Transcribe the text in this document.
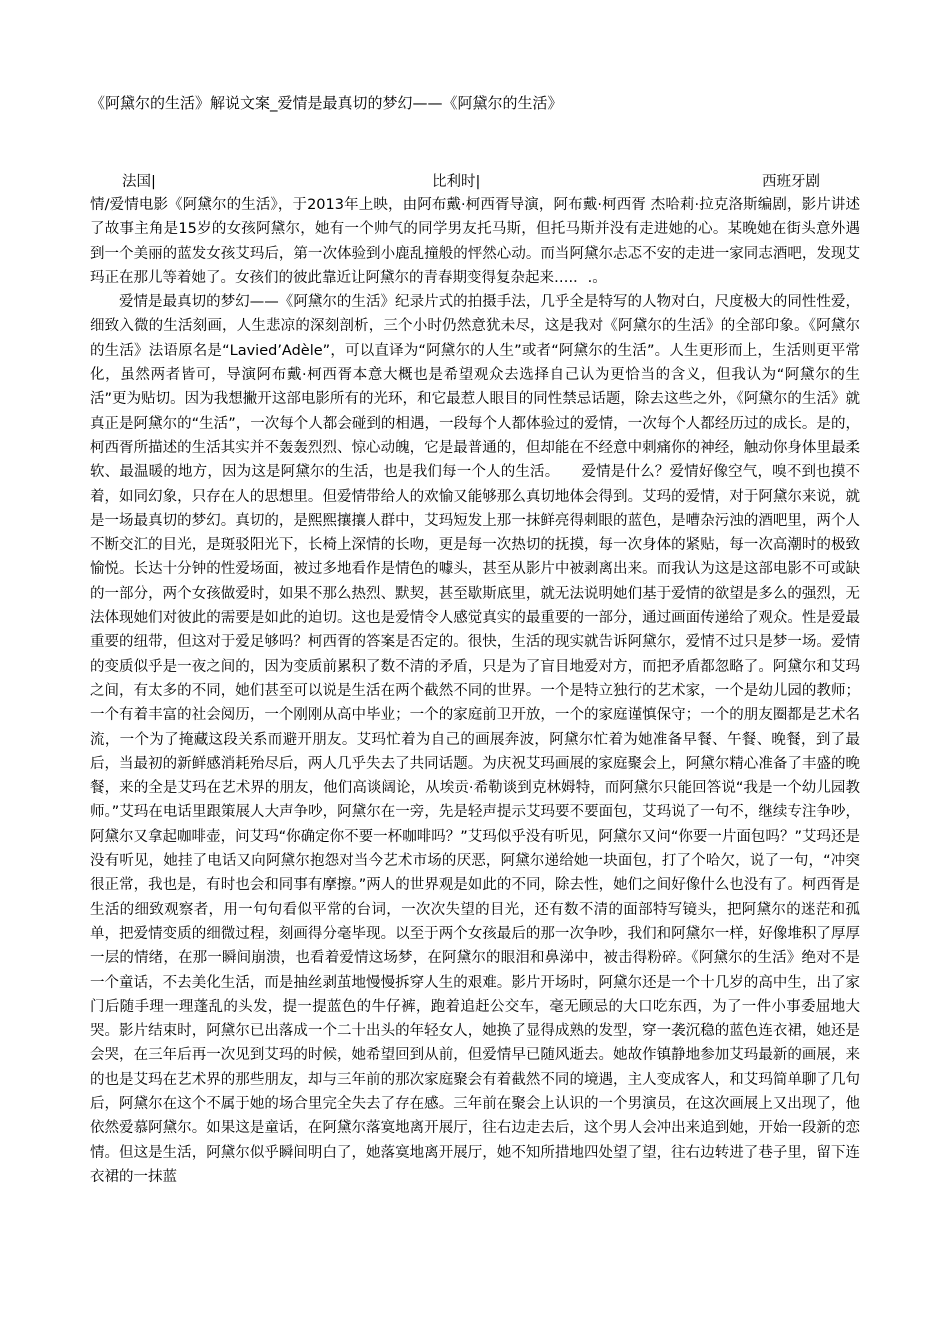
《阿黛尔的生活》解说文案_爱情是最真切的梦幻——《阿黛尔的生活》
法国|	比利时|	西班牙剧

情/爱情电影《阿黛尔的生活》，于2013年上映，由阿布戴·柯西胥导演，阿布戴·柯西胥 杰哈莉·拉克洛斯编剧，影片讲述了故事主角是15岁的女孩阿黛尔，她有一个帅气的同学男友托马斯，但托马斯并没有走进她的心。某晚她在街头意外遇到一个美丽的蓝发女孩艾玛后，第一次体验到小鹿乱撞般的怦然心动。而当阿黛尔忐忑不安的走进一家同志酒吧，发现艾玛正在那儿等着她了。女孩们的彼此靠近让阿黛尔的青春期变得复杂起来….．.。

爱情是最真切的梦幻——《阿黛尔的生活》纪录片式的拍摄手法，几乎全是特写的人物对白，尺度极大的同性性爱，细致入微的生活刻画，人生悲凉的深刻剖析，三个小时仍然意犹未尽，这是我对《阿黛尔的生活》的全部印象。《阿黛尔的生活》法语原名是“Lavied’Adèle”，可以直译为“阿黛尔的人生”或者“阿黛尔的生活”。人生更形而上，生活则更平常化，虽然两者皆可，导演阿布戴·柯西胥本意大概也是希望观众去选择自己认为更恰当的含义，但我认为“阿黛尔的生活”更为贴切。因为我想撇开这部电影所有的光环，和它最惹人眼目的同性禁忌话题，除去这些之外，《阿黛尔的生活》就真正是阿黛尔的“生活”，一次每个人都会碰到的相遇，一段每个人都体验过的爱情，一次每个人都经历过的成长。是的，柯西胥所描述的生活其实并不轰轰烈烈、惊心动魄，它是最普通的，但却能在不经意中刺痛你的神经，触动你身体里最柔软、最温暖的地方，因为这是阿黛尔的生活，也是我们每一个人的生活。　　爱情是什么？爱情好像空气，嗅不到也摸不着，如同幻象，只存在人的思想里。但爱情带给人的欢愉又能够那么真切地体会得到。艾玛的爱情，对于阿黛尔来说，就是一场最真切的梦幻。真切的，是熙熙攘攘人群中，艾玛短发上那一抹鲜亮得刺眼的蓝色，是嘈杂污浊的酒吧里，两个人不断交汇的目光，是斑驳阳光下，长椅上深情的长吻，更是每一次热切的抚摸，每一次身体的紧贴，每一次高潮时的极致愉悦。长达十分钟的性爱场面，被过多地看作是情色的噱头，甚至从影片中被剥离出来。而我认为这是这部电影不可或缺的一部分，两个女孩做爱时，如果不那么热烈、默契，甚至歇斯底里，就无法说明她们基于爱情的欲望是多么的强烈，无法体现她们对彼此的需要是如此的迫切。这也是爱情令人感觉真实的最重要的一部分，通过画面传递给了观众。性是爱最重要的纽带，但这对于爱足够吗？柯西胥的答案是否定的。很快，生活的现实就告诉阿黛尔，爱情不过只是梦一场。爱情的变质似乎是一夜之间的，因为变质前累积了数不清的矛盾，只是为了盲目地爱对方，而把矛盾都忽略了。阿黛尔和艾玛之间，有太多的不同，她们甚至可以说是生活在两个截然不同的世界。一个是特立独行的艺术家，一个是幼儿园的教师；一个有着丰富的社会阅历，一个刚刚从高中毕业；一个的家庭前卫开放，一个的家庭谨慎保守；一个的朋友圈都是艺术名流，一个为了掩藏这段关系而避开朋友。艾玛忙着为自己的画展奔波，阿黛尔忙着为她准备早餐、午餐、晚餐，到了最后，当最初的新鲜感消耗殆尽后，两人几乎失去了共同话题。为庆祝艾玛画展的家庭聚会上，阿黛尔精心准备了丰盛的晚餐，来的全是艾玛在艺术界的朋友，他们高谈阔论，从埃贡·希勒谈到克林姆特，而阿黛尔只能回答说“我是一个幼儿园教师。”艾玛在电话里跟策展人大声争吵，阿黛尔在一旁，先是轻声提示艾玛要不要面包，艾玛说了一句不，继续专注争吵，阿黛尔又拿起咖啡壶，问艾玛“你确定你不要一杯咖啡吗？”艾玛似乎没有听见，阿黛尔又问“你要一片面包吗？”艾玛还是没有听见，她挂了电话又向阿黛尔抱怨对当今艺术市场的厌恶，阿黛尔递给她一块面包，打了个哈欠，说了一句，“冲突很正常，我也是，有时也会和同事有摩擦。”两人的世界观是如此的不同，除去性，她们之间好像什么也没有了。柯西胥是生活的细致观察者，用一句句看似平常的台词，一次次失望的目光，还有数不清的面部特写镜头，把阿黛尔的迷茫和孤单，把爱情变质的细微过程，刻画得分毫毕现。以至于两个女孩最后的那一次争吵，我们和阿黛尔一样，好像堆积了厚厚一层的情绪，在那一瞬间崩溃，也看着爱情这场梦，在阿黛尔的眼泪和鼻涕中，被击得粉碎。《阿黛尔的生活》绝对不是一个童话，不去美化生活，而是抽丝剥茧地慢慢拆穿人生的艰难。影片开场时，阿黛尔还是一个十几岁的高中生，出了家门后随手理一理蓬乱的头发，提一提蓝色的牛仔裤，跑着追赶公交车，毫无顾忌的大口吃东西，为了一件小事委屈地大哭。影片结束时，阿黛尔已出落成一个二十出头的年轻女人，她换了显得成熟的发型，穿一袭沉稳的蓝色连衣裙，她还是会哭，在三年后再一次见到艾玛的时候，她希望回到从前，但爱情早已随风逝去。她故作镇静地参加艾玛最新的画展，来的也是艾玛在艺术界的那些朋友，却与三年前的那次家庭聚会有着截然不同的境遇，主人变成客人，和艾玛简单聊了几句后，阿黛尔在这个不属于她的场合里完全失去了存在感。三年前在聚会上认识的一个男演员，在这次画展上又出现了，他依然爱慕阿黛尔。如果这是童话，在阿黛尔落寞地离开展厅，往右边走去后，这个男人会冲出来追到她，开始一段新的恋情。但这是生活，阿黛尔似乎瞬间明白了，她落寞地离开展厅，她不知所措地四处望了望，往右边转进了巷子里，留下连衣裙的一抹蓝
